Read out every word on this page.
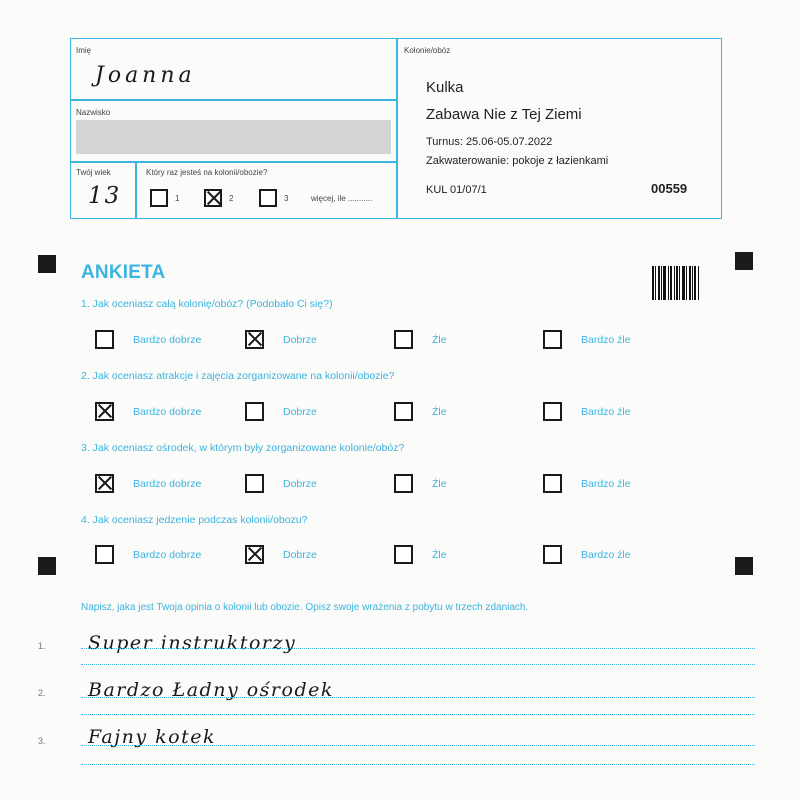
Imię
Joanna
Nazwisko
Twój wiek
13
Który raz jesteś na kolonii/obozie?
1	2	3	więcej, ile ...........
Kolonie/obóz
Kulka
Zabawa Nie z Tej Ziemi
Turnus: 25.06-05.07.2022
Zakwaterowanie: pokoje z łazienkami
KUL 01/07/1	00559
ANKIETA
1. Jak oceniasz całą kolonię/obóz? (Podobało Ci się?)
Bardzo dobrze	Dobrze	Źle	Bardzo źle
2. Jak oceniasz atrakcje i zajęcia zorganizowane na kolonii/obozie?
Bardzo dobrze	Dobrze	Źle	Bardzo źle
3. Jak oceniasz ośrodek, w którym były zorganizowane kolonie/obóz?
Bardzo dobrze	Dobrze	Źle	Bardzo źle
4. Jak oceniasz jedzenie podczas kolonii/obozu?
Bardzo dobrze	Dobrze	Źle	Bardzo źle
Napisz, jaka jest Twoja opinia o kolonii lub obozie. Opisz swoje wrażenia z pobytu w trzech zdaniach.
1. Super instruktorzy
2. Bardzo Ładny ośrodek
3. Fajny kotek
